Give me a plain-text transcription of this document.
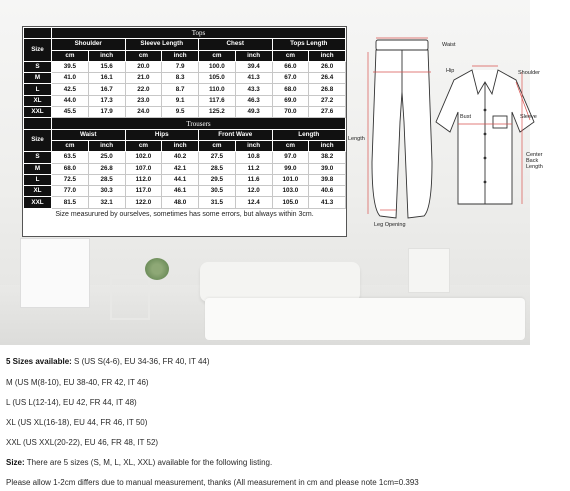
	Tops							
Size	Shoulder		Sleeve Length		Chest		Tops Length	
	cm	inch	cm	inch	cm	inch	cm	inch
S	39.5	15.6	20.0	7.9	100.0	39.4	66.0	26.0
M	41.0	16.1	21.0	8.3	105.0	41.3	67.0	26.4
L	42.5	16.7	22.0	8.7	110.0	43.3	68.0	26.8
XL	44.0	17.3	23.0	9.1	117.6	46.3	69.0	27.2
XXL	45.5	17.9	24.0	9.5	125.2	49.3	70.0	27.6
	Trousers							
Size	Waist		Hips		Front Wave		Length	
	cm	inch	cm	inch	cm	inch	cm	inch
S	63.5	25.0	102.0	40.2	27.5	10.8	97.0	38.2
M	68.0	26.8	107.0	42.1	28.5	11.2	99.0	39.0
L	72.5	28.5	112.0	44.1	29.5	11.6	101.0	39.8
XL	77.0	30.3	117.0	46.1	30.5	12.0	103.0	40.6
XXL	81.5	32.1	122.0	48.0	31.5	12.4	105.0	41.3
Size measurured by ourselves, sometimes has some errors, but always within 3cm.
Waist
Hip
Length
Leg Opening
Shoulder
Bust	Sleeve
Center
Back
Length
5 Sizes available: S (US S(4-6), EU 34-36, FR 40, IT 44)
M (US M(8-10), EU 38-40, FR 42, IT 46)
L (US L(12-14), EU 42, FR 44, IT 48)
XL (US XL(16-18), EU 44, FR 46, IT 50)
XXL (US XXL(20-22), EU 46, FR 48, IT 52)
Size: There are 5 sizes (S, M, L, XL, XXL) available for the following listing.
Please allow 1-2cm differs due to manual measurement, thanks (All measurement in cm and please note 1cm=0.393
